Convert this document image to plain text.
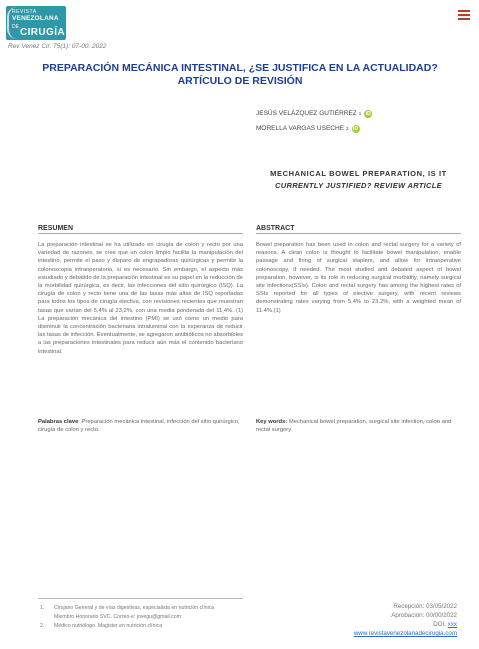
REVISTA
VENEZOLANA
DE CIRUGÍA
Rev Venez Cir. 75(1): 07-00. 2022
PREPARACIÓN MECÁNICA INTESTINAL, ¿SE JUSTIFICA EN LA ACTUALIDAD?
ARTÍCULO DE REVISIÓN
JESÚS VELÁZQUEZ GUTIÉRREZ 1 iD
MORELLA VARGAS USECHE 2 iD
MECHANICAL BOWEL PREPARATION, IS IT
CURRENTLY JUSTIFIED? REVIEW ARTICLE
RESUMEN	ABSTRACT
La preparación intestinal se ha utilizado en cirugía de colon y recto por una variedad de razones, se cree que un colon limpio facilita la manipulación del intestino, permite el paso y disparo de engrapadoras quirúrgicas y permite la colonoscopia intraoperatoria, si es necesario. Sin embargo, el aspecto más estudiado y debatido de la preparación intestinal es su papel en la reducción de la morbilidad quirúrgica, es decir, las infecciones del sitio quirúrgico (ISQ). La cirugía de colon y recto tiene una de las tasas más altas de ISQ reportadas para todos los tipos de cirugía electiva, con revisiones recientes que muestran tasas que varían del 5,4% al 23,2%, con una media ponderada del 11,4%. (1) La preparación mecánica del intestino (PMI) se usó como un medio para disminuir la concentración bacteriana intraluminal con la esperanza de reducir las tasas de infección. Eventualmente, se agregaron antibióticos no absorbibles a las preparaciones intestinales para reducir aún más el contenido bacteriano intestinal.
Bowel preparation has been used in colon and rectal surgery for a variety of reasons. A clean colon is thought to facilitate bowel manipulation, enable passage and firing of surgical staplers, and allow for intraoperative colonoscopy, if needed. The most studied and debated aspect of bowel preparation, however, is its role in reducing surgical morbidity, namely surgical site infections(SSIs). Colon and rectal surgery has among the highest rates of SSIs reported for all types of elective surgery, with recent reviews demonstrating rates varying from 5.4% to 23.2%, with a weighted mean of 11.4%.(1)
Palabras clave: Preparación mecánica intestinal, infección del sitio quirúrgico, cirugía de colon y recto.
Key words: Mechanical bowel preparation, surgical site infection, colon and rectal surgery.
1.	Cirujano General y de vías digestivas, especialista en nutrición clínica
Miembro Honorario SVC. Correo-e: jovegu@gmail.com
2.	Médico nutriólogo. Magister en nutrición clínica
Recepción: 03/05/2022
Aprobación: 00/00/2022
DOI: xxx
www.revistavenezolanadecirugia.com
